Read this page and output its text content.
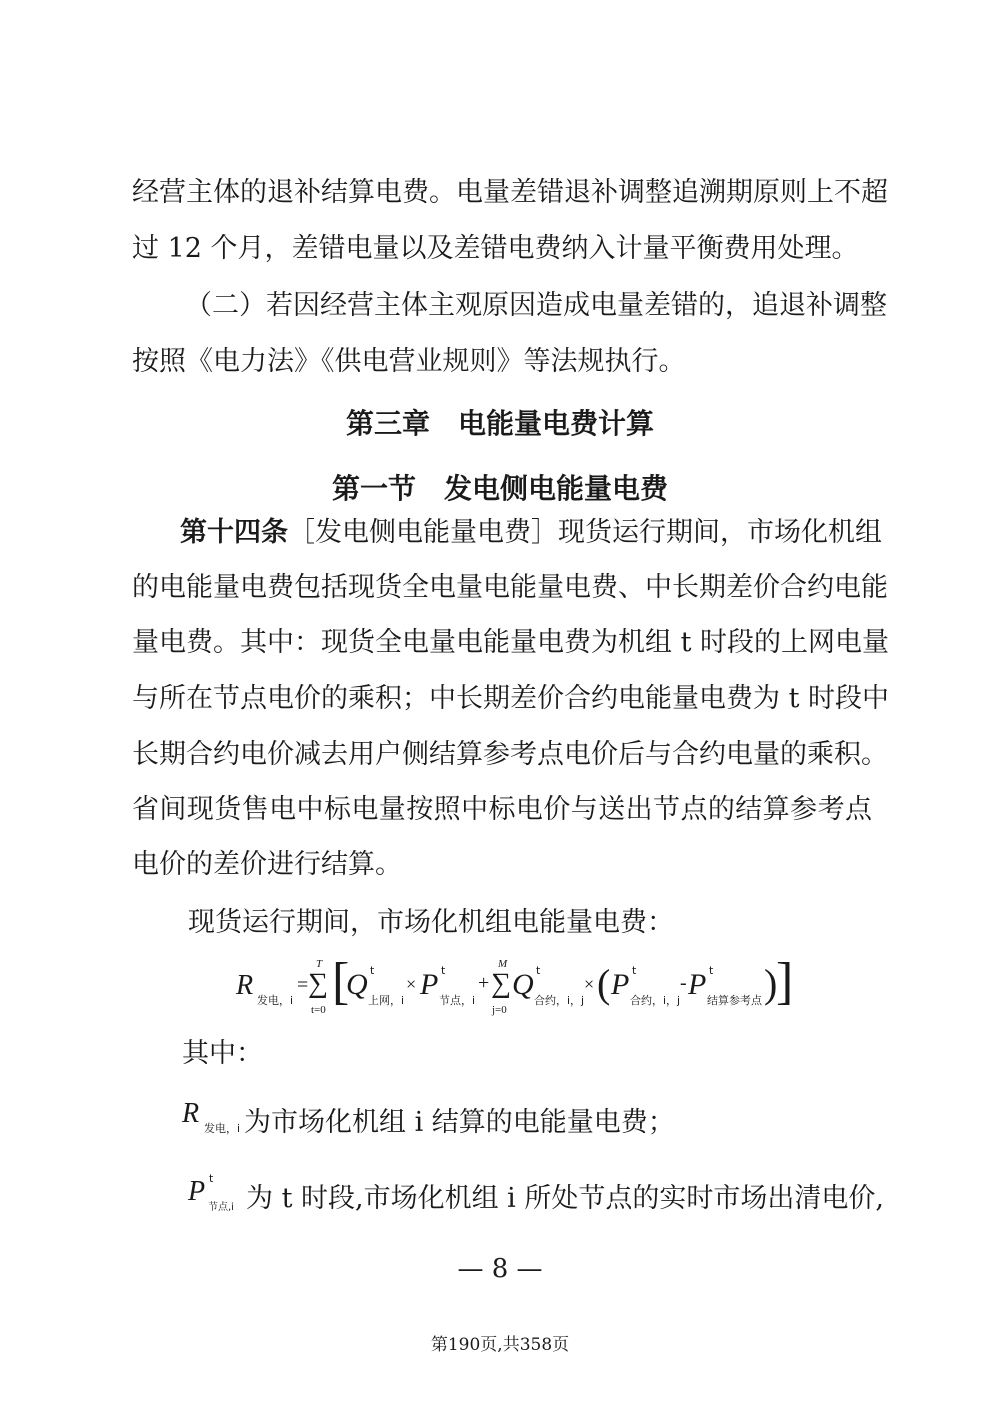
经营主体的退补结算电费。电量差错退补调整追溯期原则上不超
过 12 个月，差错电量以及差错电费纳入计量平衡费用处理。
（二）若因经营主体主观原因造成电量差错的，追退补调整
按照《电力法》《供电营业规则》等法规执行。
第三章　电能量电费计算
第一节　发电侧电能量电费
第十四条［发电侧电能量电费］现货运行期间，市场化机组
的电能量电费包括现货全电量电能量电费、中长期差价合约电能
量电费。其中：现货全电量电能量电费为机组 t 时段的上网电量
与所在节点电价的乘积；中长期差价合约电能量电费为 t 时段中
长期合约电价减去用户侧结算参考点电价后与合约电量的乘积。
省间现货售电中标电量按照中标电价与送出节点的结算参考点
电价的差价进行结算。
现货运行期间，市场化机组电能量电费：
R 发电，i
=
T
∑
t=0 [
Q t
上网，i
× P t
节点，i
+
M
∑
j=0
Q t
合约，i，j
× ( P t
合约，i，j
- P t
结算参考点 )
]
其中：
R 发电，i 为市场化机组 i 结算的电能量电费；
P t
节点,i 为 t 时段,市场化机组 i 所处节点的实时市场出清电价,
— 8 —
第190页,共358页
